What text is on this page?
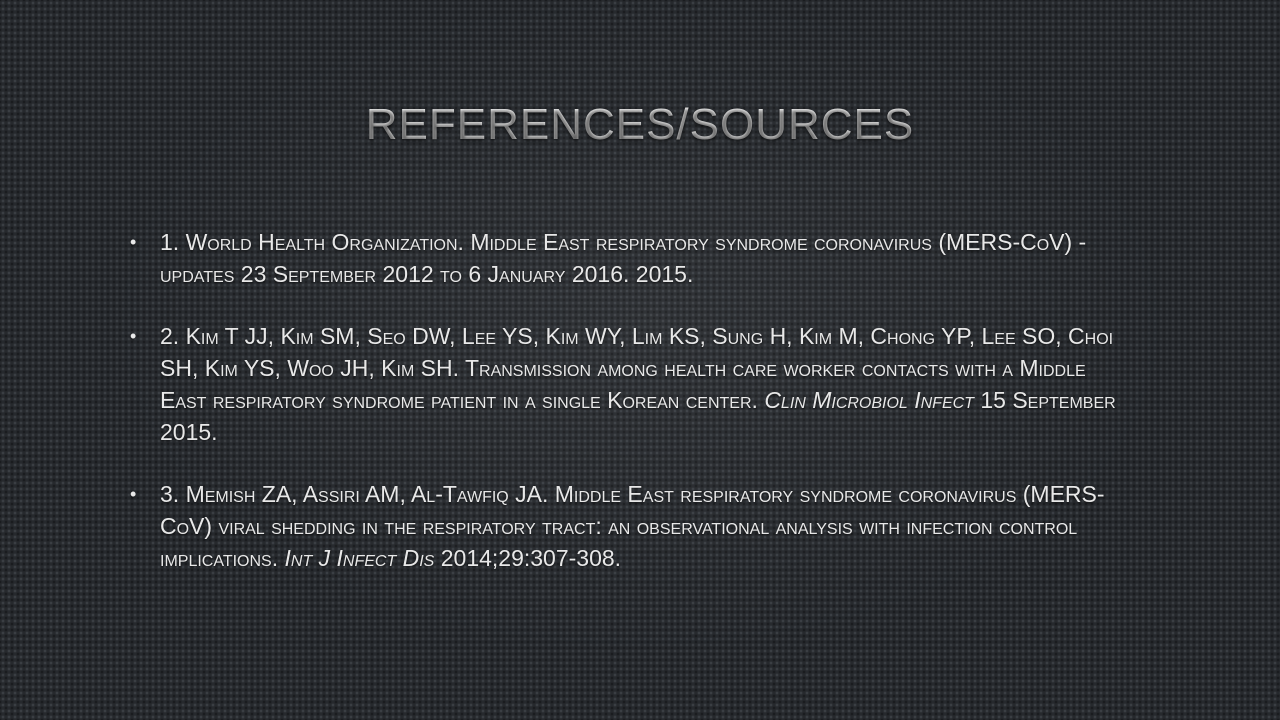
REFERENCES/SOURCES
• 1. World Health Organization. Middle East respiratory syndrome coronavirus (MERS-CoV) - updates 23 September 2012 to 6 January 2016. 2015.
• 2. Kim T JJ, Kim SM, Seo DW, Lee YS, Kim WY, Lim KS, Sung H, Kim M, Chong YP, Lee SO, Choi SH, Kim YS, Woo JH, Kim SH. Transmission among health care worker contacts with a Middle East respiratory syndrome patient in a single Korean center. Clin Microbiol Infect 15 September 2015.
• 3. Memish ZA, Assiri AM, Al-Tawfiq JA. Middle East respiratory syndrome coronavirus (MERS-CoV) viral shedding in the respiratory tract: an observational analysis with infection control implications. Int J Infect Dis 2014;29:307-308.
